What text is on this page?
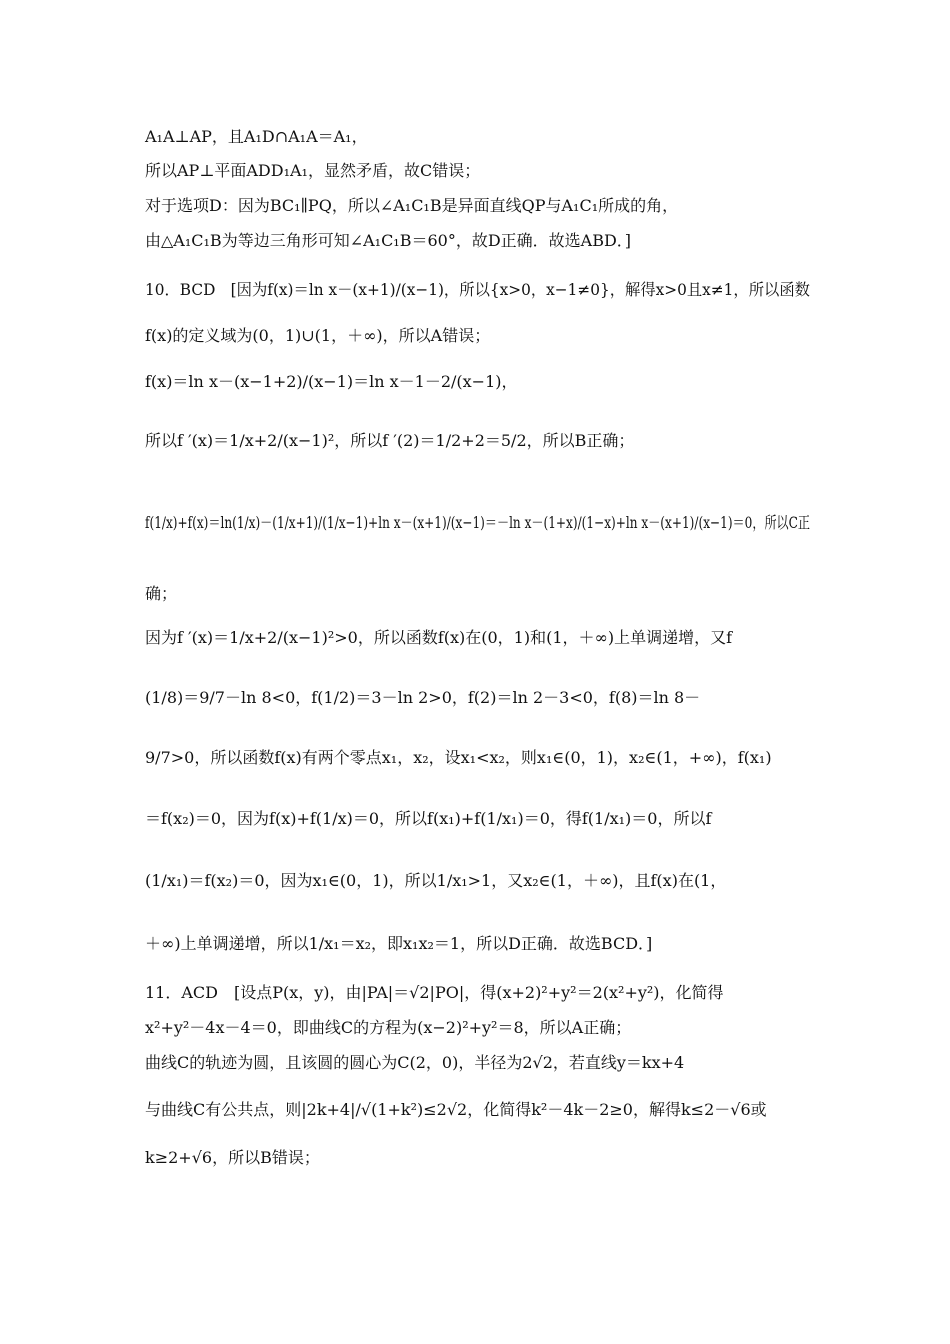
A₁A⊥AP，且A₁D∩A₁A＝A₁，
所以AP⊥平面ADD₁A₁，显然矛盾，故C错误；
对于选项D：因为BC₁∥PQ，所以∠A₁C₁B是异面直线QP与A₁C₁所成的角，
由△A₁C₁B为等边三角形可知∠A₁C₁B＝60°，故D正确．故选ABD．]
10．BCD　[因为f(x)＝ln x－(x+1)/(x−1)，所以{x>0，x−1≠0}，解得x>0且x≠1，所以函数
f(x)的定义域为(0，1)∪(1，＋∞)，所以A错误；
f(x)＝ln x－(x−1+2)/(x−1)＝ln x－1－2/(x−1)，
所以f ′(x)＝1/x+2/(x−1)²，所以f ′(2)＝1/2+2＝5/2，所以B正确；
f(1/x)+f(x)＝ln(1/x)－(1/x+1)/(1/x−1)+ln x－(x+1)/(x−1)＝－ln x－(1+x)/(1−x)+ln x－(x+1)/(x−1)＝0，所以C正
确；
因为f ′(x)＝1/x+2/(x−1)²>0，所以函数f(x)在(0，1)和(1，＋∞)上单调递增，又f
(1/8)＝9/7－ln 8<0，f(1/2)＝3－ln 2>0，f(2)＝ln 2－3<0，f(8)＝ln 8－
9/7>0，所以函数f(x)有两个零点x₁，x₂，设x₁<x₂，则x₁∈(0，1)，x₂∈(1，+∞)，f(x₁)
＝f(x₂)＝0，因为f(x)+f(1/x)＝0，所以f(x₁)+f(1/x₁)＝0，得f(1/x₁)＝0，所以f
(1/x₁)＝f(x₂)＝0，因为x₁∈(0，1)，所以1/x₁>1，又x₂∈(1，＋∞)，且f(x)在(1，
＋∞)上单调递增，所以1/x₁＝x₂，即x₁x₂＝1，所以D正确．故选BCD．]
11．ACD　[设点P(x，y)，由|PA|＝√2|PO|，得(x+2)²+y²＝2(x²+y²)，化简得
x²+y²－4x－4＝0，即曲线C的方程为(x−2)²+y²＝8，所以A正确；
曲线C的轨迹为圆，且该圆的圆心为C(2，0)，半径为2√2，若直线y＝kx+4
与曲线C有公共点，则|2k+4|/√(1+k²)≤2√2，化简得k²－4k－2≥0，解得k≤2－√6或
k≥2+√6，所以B错误；
